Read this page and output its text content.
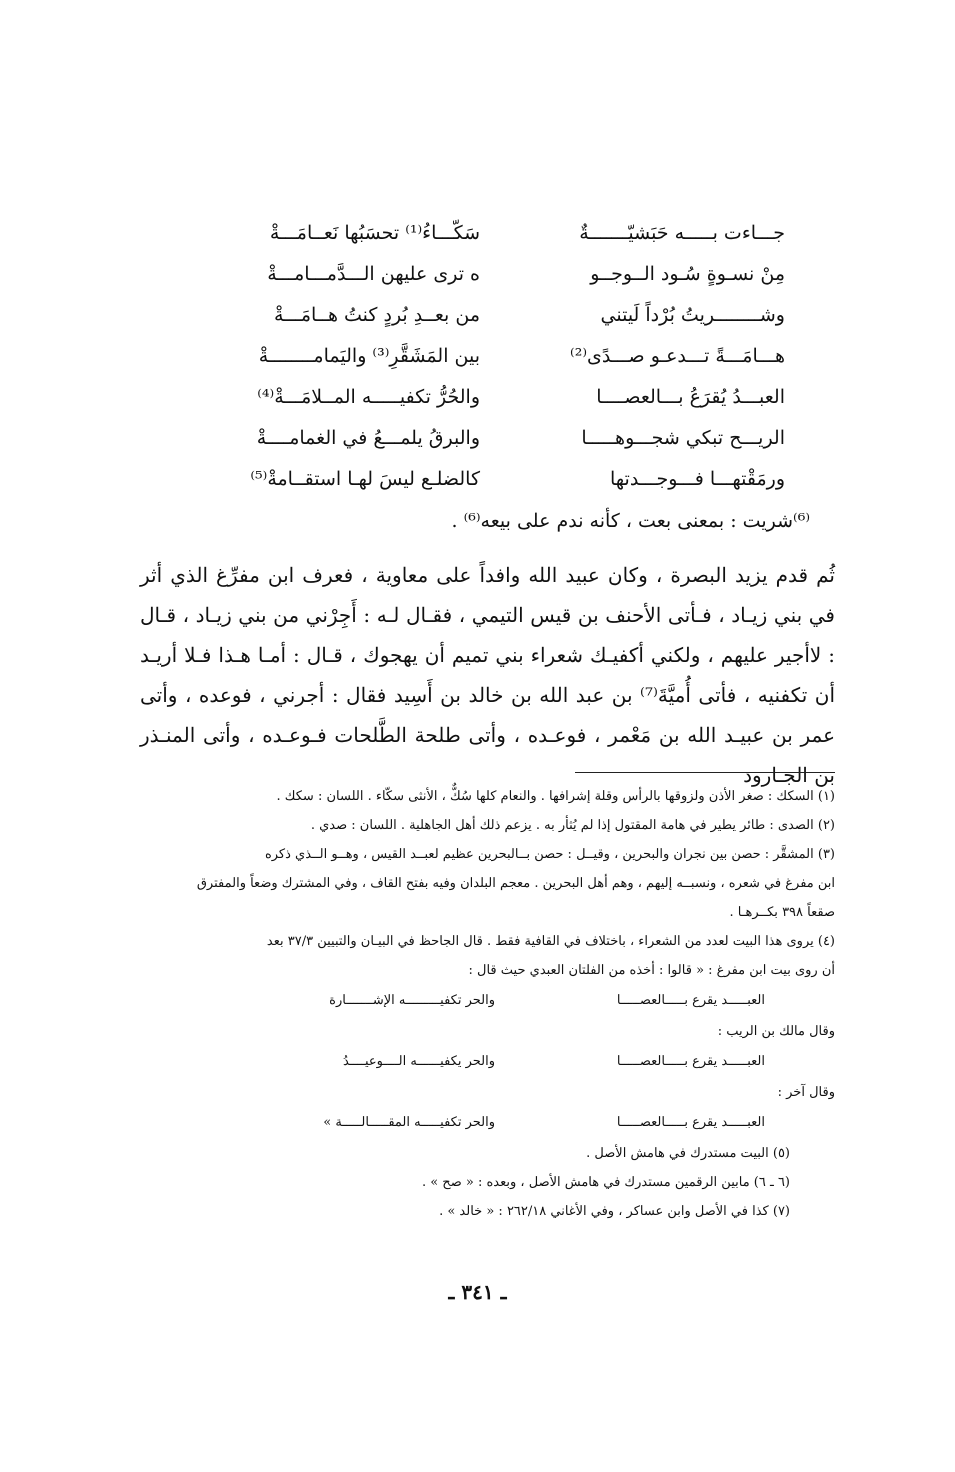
جـــاءت بـــــه حَبَشيّـــــــةٌ
سَكّـــاءُ⁽¹⁾ تحسَبُها نَعــامَـــةْ
مِنْ نسـوةٍ سُـود الــوجــو
ه ترى عليهن الـــدَّمـــامـــةْ
وشــــــــريتُ بُرْداً لَيتني
من بعــدِ بُردٍ كنتُ هــامَـــةْ
هـــامَـــةً تـــدعـو صـــدًى⁽²⁾
بين المَشَقَّرِ⁽³⁾ واليَمامــــــــةْ
العبـــدُ يُقرَعُ بـــالعصــــا
والحُرُّ تكفيـــــه المــلامَـــةْ⁽⁴⁾
الريـــح تبكي شجـــوهـــــا
والبرقُ يلمـــعُ في الغمامــــةْ
ورمَقْتهـــا فـــوجـــدتها
كالضلـع ليسَ لهـا استقــامةْ⁽⁵⁾
⁽⁶⁾شريت : بمعنى بعت ، كأنه ندم على بيعه⁽⁶⁾ .

ثُم قدم يزيد البصرة ، وكان عبيد الله وافداً على معاوية ، فعرف ابن مفرِّغ الذي أثر في بني زيـاد ، فـأتى الأحنف بن قيس التيمي ، فقـال لـه : أَجِرْني من بني زيـاد ، قـال : لاأجير عليهم ، ولكني أكفيـك شعراء بني تميم أن يهجوك ، قـال : أمـا هـذا فـلا أريـد أن تكفنيه ، فأتى أُميَّةَ⁽⁷⁾ بن عبد الله بن خالد بن أَسِيد فقال : أجرني ، فوعده ، وأتى عمر بن عبيـد الله بن مَعْمر ، فوعـده ، وأتى طلحة الطَّلحات فـوعـده ، وأتى المنـذر بن الجـارود

(١) السكك : صغر الأذن ولزوقها بالرأس وقلة إشرافها . والنعام كلها سُكٌّ ، الأنثى سكّاء . اللسان : سكك .

(٢) الصدى : طائر يطير في هامة المقتول إذا لم يُثأر به . يزعم ذلك أهل الجاهلية . اللسان : صدي .

(٣) المشقَّر : حصن بين نجران والبحرين ، وقيــل : حصن بــالبحرين عظيم لعبــد القيس ، وهــو الــذي ذكره

ابن مفرغ في شعره ، ونسبــه إليهم ، وهم أهل البحرين . معجم البلدان وفيه بفتح القاف ، وفي المشترك وضعاً والمفترق

صقعاً ٣٩٨ بكــرهـا .

(٤) يروى هذا البيت لعدد من الشعراء ، باختلاف في القافية فقط . قال الجاحظ في البيـان والتبيين ٣٧/٣ بعد

أن روى بيت ابن مفرغ : « قالوا : أخذه من الفلتان العبدي حيث قال :

العبـــــد يقرع بـــــالعصـــــا
والحر تكفيـــــــــه الإشـــــــارة

وقال مالك بن الريب :

العبـــــد يقرع بـــــالعصـــــا
والحر يكفيــــــه الــــوعيــــدُ

وقال آخر :

العبـــــد يقرع بـــــالعصـــــا
والحر تكفيـــــه المقـــــالـــــة »

(٥) البيت مستدرك في هامش الأصل .

(٦ ـ ٦) مابين الرقمين مستدرك في هامش الأصل ، وبعده : « صح » .

(٧) كذا في الأصل وابن عساكر ، وفي الأغاني ٢٦٢/١٨ : « خالد » .

ـ ٣٤١ ـ
